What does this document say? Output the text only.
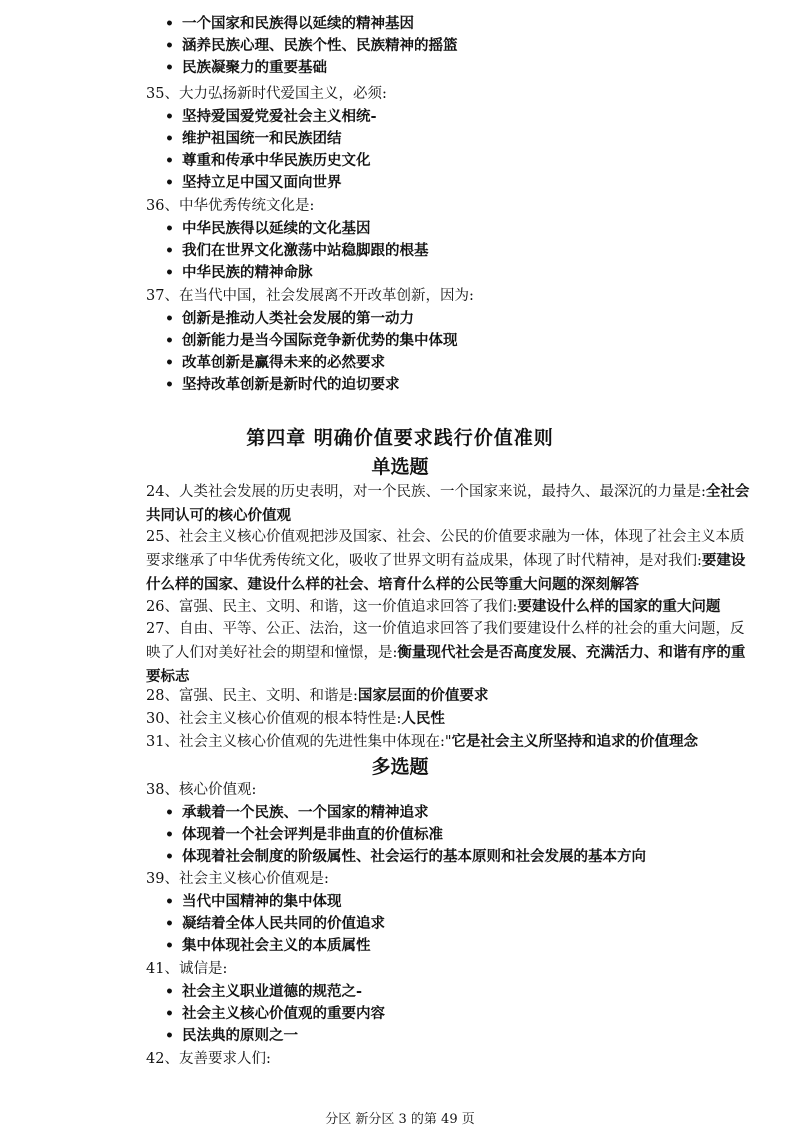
• 一个国家和民族得以延续的精神基因
• 涵养民族心理、民族个性、民族精神的摇篮
• 民族凝聚力的重要基础

35、大力弘扬新时代爱国主义，必须:

• 坚持爱国爱党爱社会主义相统-
• 维护祖国统一和民族团结
• 尊重和传承中华民族历史文化
• 坚持立足中国又面向世界

36、中华优秀传统文化是:

• 中华民族得以延续的文化基因
• 我们在世界文化激荡中站稳脚跟的根基
• 中华民族的精神命脉

37、在当代中国，社会发展离不开改革创新，因为:

• 创新是推动人类社会发展的第一动力
• 创新能力是当今国际竞争新优势的集中体现
• 改革创新是赢得未来的必然要求
• 坚持改革创新是新时代的迫切要求
第四章 明确价值要求践行价值准则
单选题

24、人类社会发展的历史表明，对一个民族、一个国家来说，最持久、最深沉的力量是:全社会共同认可的核心价值观

25、社会主义核心价值观把涉及国家、社会、公民的价值要求融为一体，体现了社会主义本质要求继承了中华优秀传统文化，吸收了世界文明有益成果，体现了时代精神，是对我们:要建设什么样的国家、建设什么样的社会、培育什么样的公民等重大问题的深刻解答

26、富强、民主、文明、和谐，这一价值追求回答了我们:要建设什么样的国家的重大问题

27、自由、平等、公正、法治，这一价值追求回答了我们要建设什么样的社会的重大问题，反映了人们对美好社会的期望和憧憬，是:衡量现代社会是否高度发展、充满活力、和谐有序的重要标志

28、富强、民主、文明、和谐是:国家层面的价值要求

30、社会主义核心价值观的根本特性是:人民性

31、社会主义核心价值观的先进性集中体现在:"它是社会主义所坚持和追求的价值理念

多选题

38、核心价值观:

• 承载着一个民族、一个国家的精神追求
• 体现着一个社会评判是非曲直的价值标准
• 体现着社会制度的阶级属性、社会运行的基本原则和社会发展的基本方向

39、社会主义核心价值观是:

• 当代中国精神的集中体现
• 凝结着全体人民共同的价值追求
• 集中体现社会主义的本质属性

41、诚信是:

• 社会主义职业道德的规范之-
• 社会主义核心价值观的重要内容
• 民法典的原则之一

42、友善要求人们:

分区 新分区 3 的第 49 页
